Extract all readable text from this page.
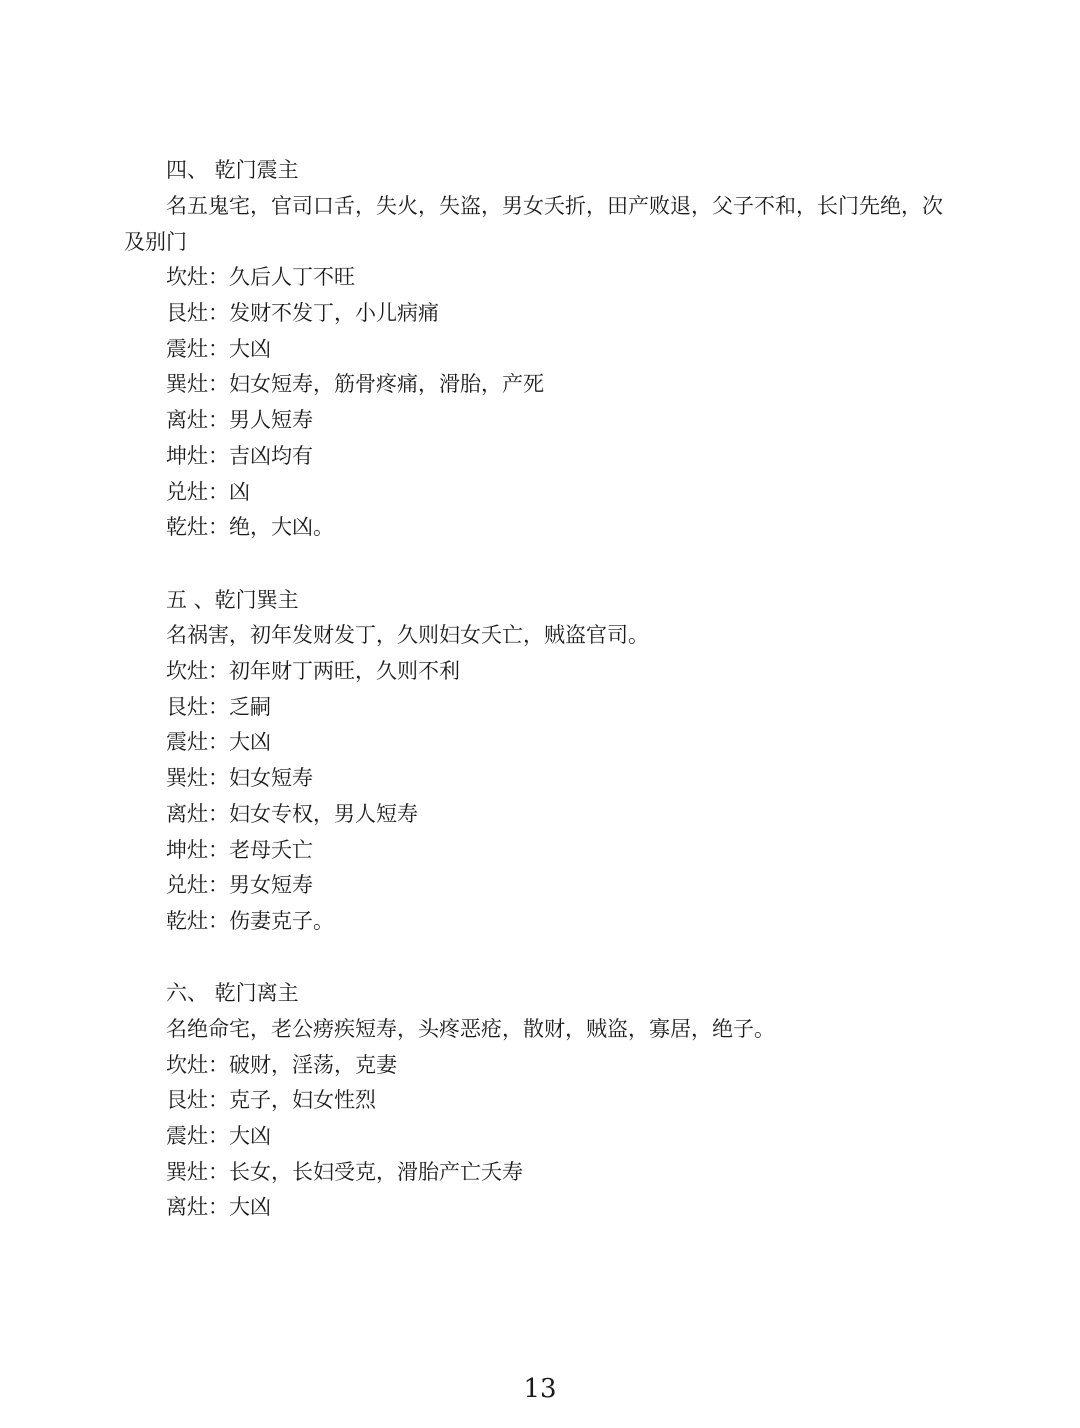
四、 乾门震主
名五鬼宅，官司口舌，失火，失盗，男女夭折，田产败退，父子不和，长门先绝，次
及别门
坎灶：久后人丁不旺
艮灶：发财不发丁，小儿病痛
震灶：大凶
巽灶：妇女短寿，筋骨疼痛，滑胎，产死
离灶：男人短寿
坤灶：吉凶均有
兑灶：凶
乾灶：绝，大凶。
五 、乾门巽主
名祸害，初年发财发丁，久则妇女夭亡，贼盗官司。
坎灶：初年财丁两旺，久则不利
艮灶：乏嗣
震灶：大凶
巽灶：妇女短寿
离灶：妇女专权，男人短寿
坤灶：老母夭亡
兑灶：男女短寿
乾灶：伤妻克子。
六、 乾门离主
名绝命宅，老公痨疾短寿，头疼恶疮，散财，贼盗，寡居，绝子。
坎灶：破财，淫荡，克妻
艮灶：克子，妇女性烈
震灶：大凶
巽灶：长女，长妇受克，滑胎产亡夭寿
离灶：大凶
13
